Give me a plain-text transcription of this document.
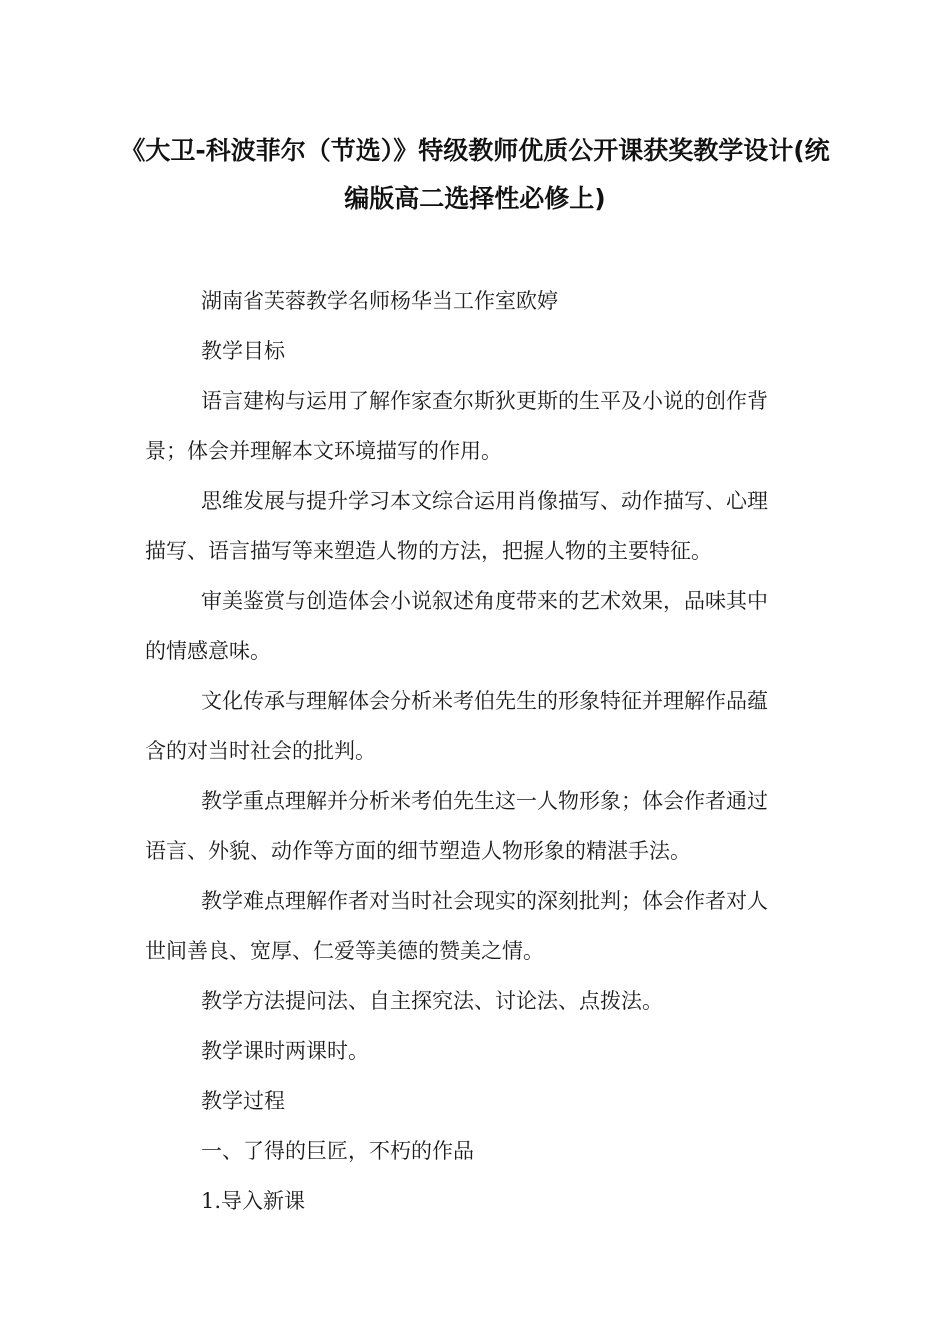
《大卫-科波菲尔（节选）》特级教师优质公开课获奖教学设计(统
编版高二选择性必修上)
湖南省芙蓉教学名师杨华当工作室欧婷
教学目标
语言建构与运用了解作家查尔斯狄更斯的生平及小说的创作背
景；体会并理解本文环境描写的作用。
思维发展与提升学习本文综合运用肖像描写、动作描写、心理
描写、语言描写等来塑造人物的方法，把握人物的主要特征。
审美鉴赏与创造体会小说叙述角度带来的艺术效果，品味其中
的情感意味。
文化传承与理解体会分析米考伯先生的形象特征并理解作品蕴
含的对当时社会的批判。
教学重点理解并分析米考伯先生这一人物形象；体会作者通过
语言、外貌、动作等方面的细节塑造人物形象的精湛手法。
教学难点理解作者对当时社会现实的深刻批判；体会作者对人
世间善良、宽厚、仁爱等美德的赞美之情。
教学方法提问法、自主探究法、讨论法、点拨法。
教学课时两课时。
教学过程
一、了得的巨匠，不朽的作品
1.导入新课
